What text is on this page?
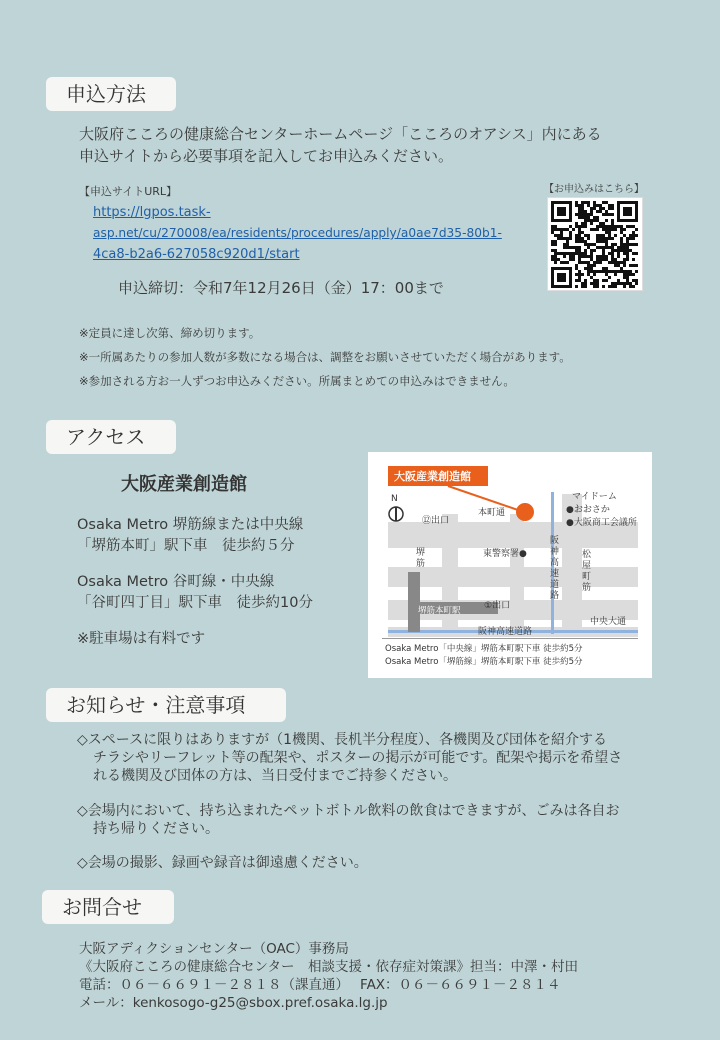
申込方法
大阪府こころの健康総合センターホームページ「こころのオアシス」内にある
申込サイトから必要事項を記入してお申込みください。
【申込サイトURL】
https://lgpos.task-
asp.net/cu/270008/ea/residents/procedures/apply/a0ae7d35-80b1-
4ca8-b2a6-627058c920d1/start
【お申込みはこちら】
申込締切：令和7年12月26日（金）17：00まで
※定員に達し次第、締め切ります。
※一所属あたりの参加人数が多数になる場合は、調整をお願いさせていただく場合があります。
※参加される方お一人ずつお申込みください。所属まとめての申込みはできません。
アクセス
大阪産業創造館
Osaka Metro 堺筋線または中央線
「堺筋本町」駅下車　徒歩約５分
Osaka Metro 谷町線・中央線
「谷町四丁目」駅下車　徒歩約10分
※駐車場は有料です
大阪産業創造館
N
⑫出口
本町通
東警察署●
マイドーム
●おおさか
●大阪商工会議所
堺筋
阪神高速道路
松屋町筋
①出口
堺筋本町駅
中央大通
阪神高速道路
Osaka Metro「中央線」堺筋本町駅下車 徒歩約5分
Osaka Metro「堺筋線」堺筋本町駅下車 徒歩約5分
お知らせ・注意事項
◇スペースに限りはありますが（1機関、長机半分程度）、各機関及び団体を紹介する
チラシやリーフレット等の配架や、ポスターの掲示が可能です。配架や掲示を希望さ
れる機関及び団体の方は、当日受付までご持参ください。
◇会場内において、持ち込まれたペットボトル飲料の飲食はできますが、ごみは各自お
持ち帰りください。
◇会場の撮影、録画や録音は御遠慮ください。
お問合せ
大阪アディクションセンター（OAC）事務局
《大阪府こころの健康総合センター　相談支援・依存症対策課》担当：中澤・村田
電話：０６－６６９１－２８１８（課直通）　 FAX：０６－６６９１－２８１４
メール：kenkosogo-g25@sbox.pref.osaka.lg.jp
